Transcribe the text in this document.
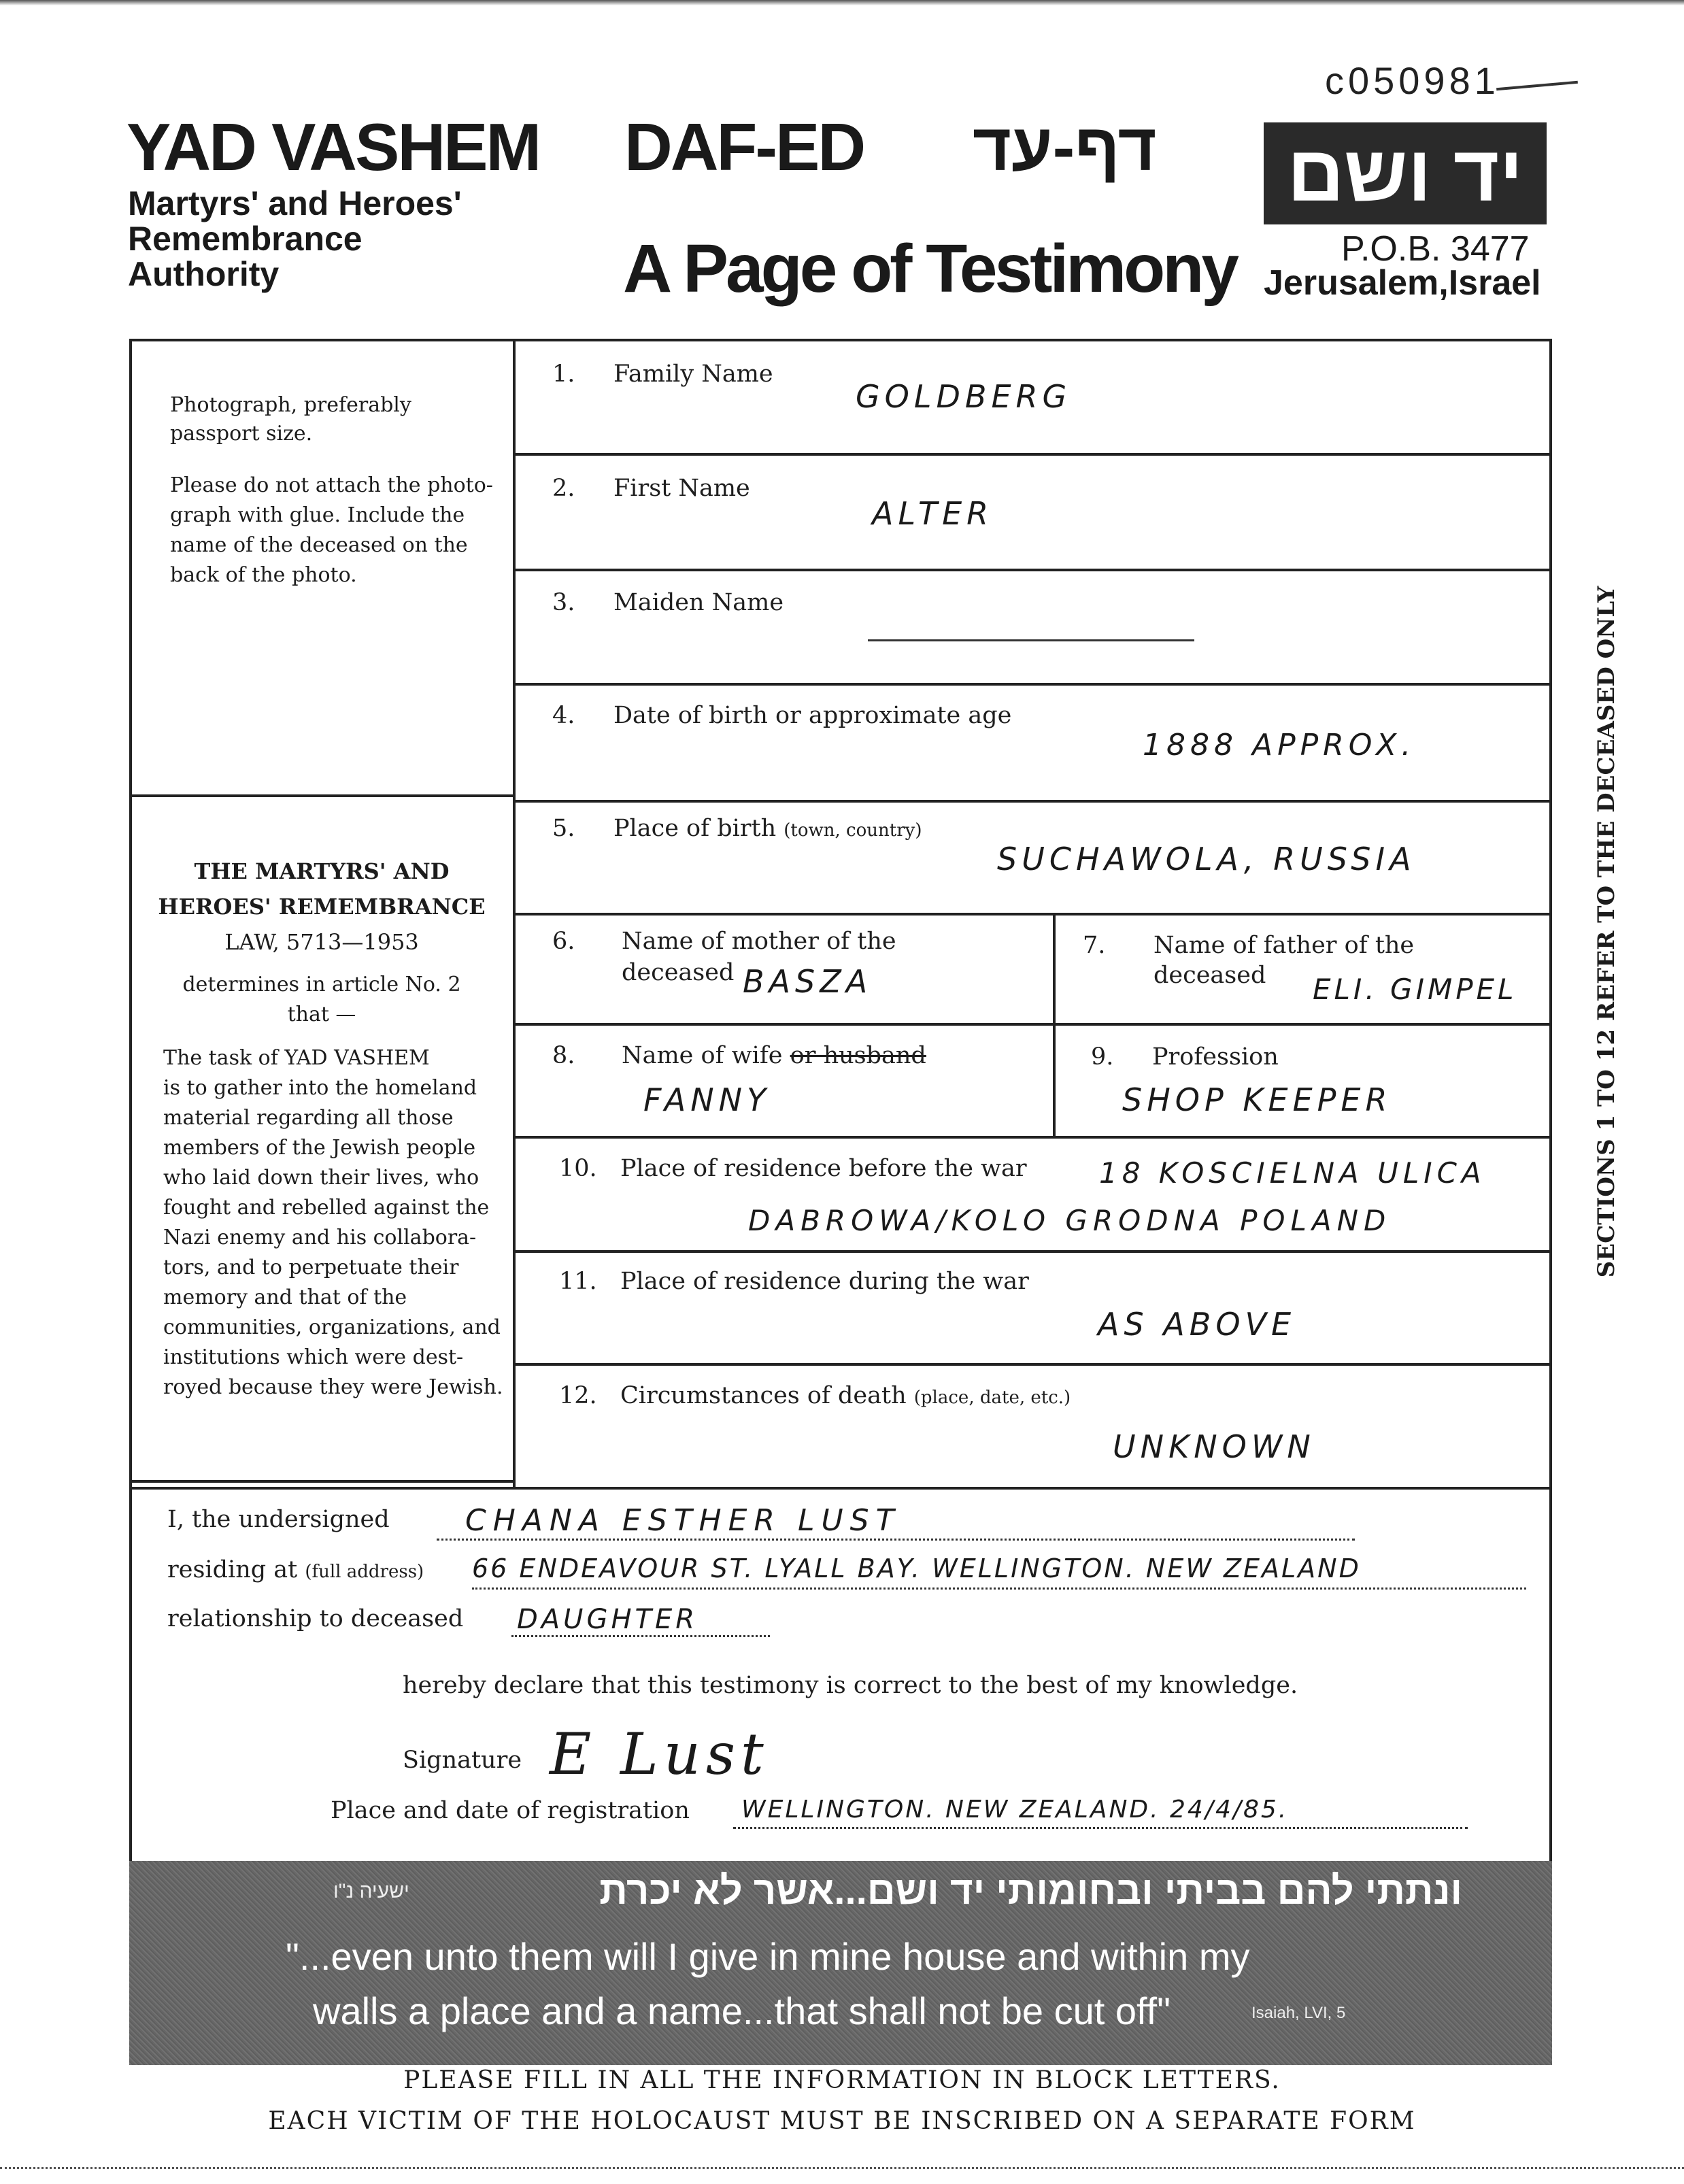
c050981
YAD VASHEM
Martyrs' and Heroes'
Remembrance
Authority
DAF-ED דף-עד
A Page of Testimony
יד ושם
P.O.B. 3477
Jerusalem,Israel
Photograph, preferably
passport size.
Please do not attach the photo-
graph with glue. Include the
name of the deceased on the
back of the photo.
THE MARTYRS' AND
HEROES' REMEMBRANCE
LAW, 5713—1953
determines in article No. 2
that —
The task of YAD VASHEM
is to gather into the homeland
material regarding all those
members of the Jewish people
who laid down their lives, who
fought and rebelled against the
Nazi enemy and his collabora-
tors, and to perpetuate their
memory and that of the
communities, organizations, and
institutions which were dest-
royed because they were Jewish.
1. Family Name
GOLDBERG
2. First Name
ALTER
3. Maiden Name
4. Date of birth or approximate age
1888 APPROX.
5. Place of birth (town, country)
SUCHAWOLA, RUSSIA
6. Name of mother of the
deceased BASZA
7. Name of father of the
deceased ELI. GIMPEL
8. Name of wife or husband
FANNY
9. Profession
SHOP KEEPER
10. Place of residence before the war	18 KOSCIELNA ULICA
DABROWA/KOLO GRODNA POLAND
11. Place of residence during the war
AS ABOVE
12. Circumstances of death (place, date, etc.)
UNKNOWN
SECTIONS 1 TO 12 REFER TO THE DECEASED ONLY
I, the undersigned	CHANA ESTHER LUST
residing at (full address) 66 ENDEAVOUR ST. LYALL BAY. WELLINGTON. NEW ZEALAND
relationship to deceased DAUGHTER
hereby declare that this testimony is correct to the best of my knowledge.
Signature E Lust
Place and date of registration WELLINGTON. NEW ZEALAND. 24/4/85.
ישעיה נ"ו	ונתתי להם בביתי ובחומותי יד ושם...אשר לא יכרת
"...even unto them will I give in mine house and within my
walls a place and a name...that shall not be cut off"	Isaiah, LVI, 5
PLEASE FILL IN ALL THE INFORMATION IN BLOCK LETTERS.
EACH VICTIM OF THE HOLOCAUST MUST BE INSCRIBED ON A SEPARATE FORM
